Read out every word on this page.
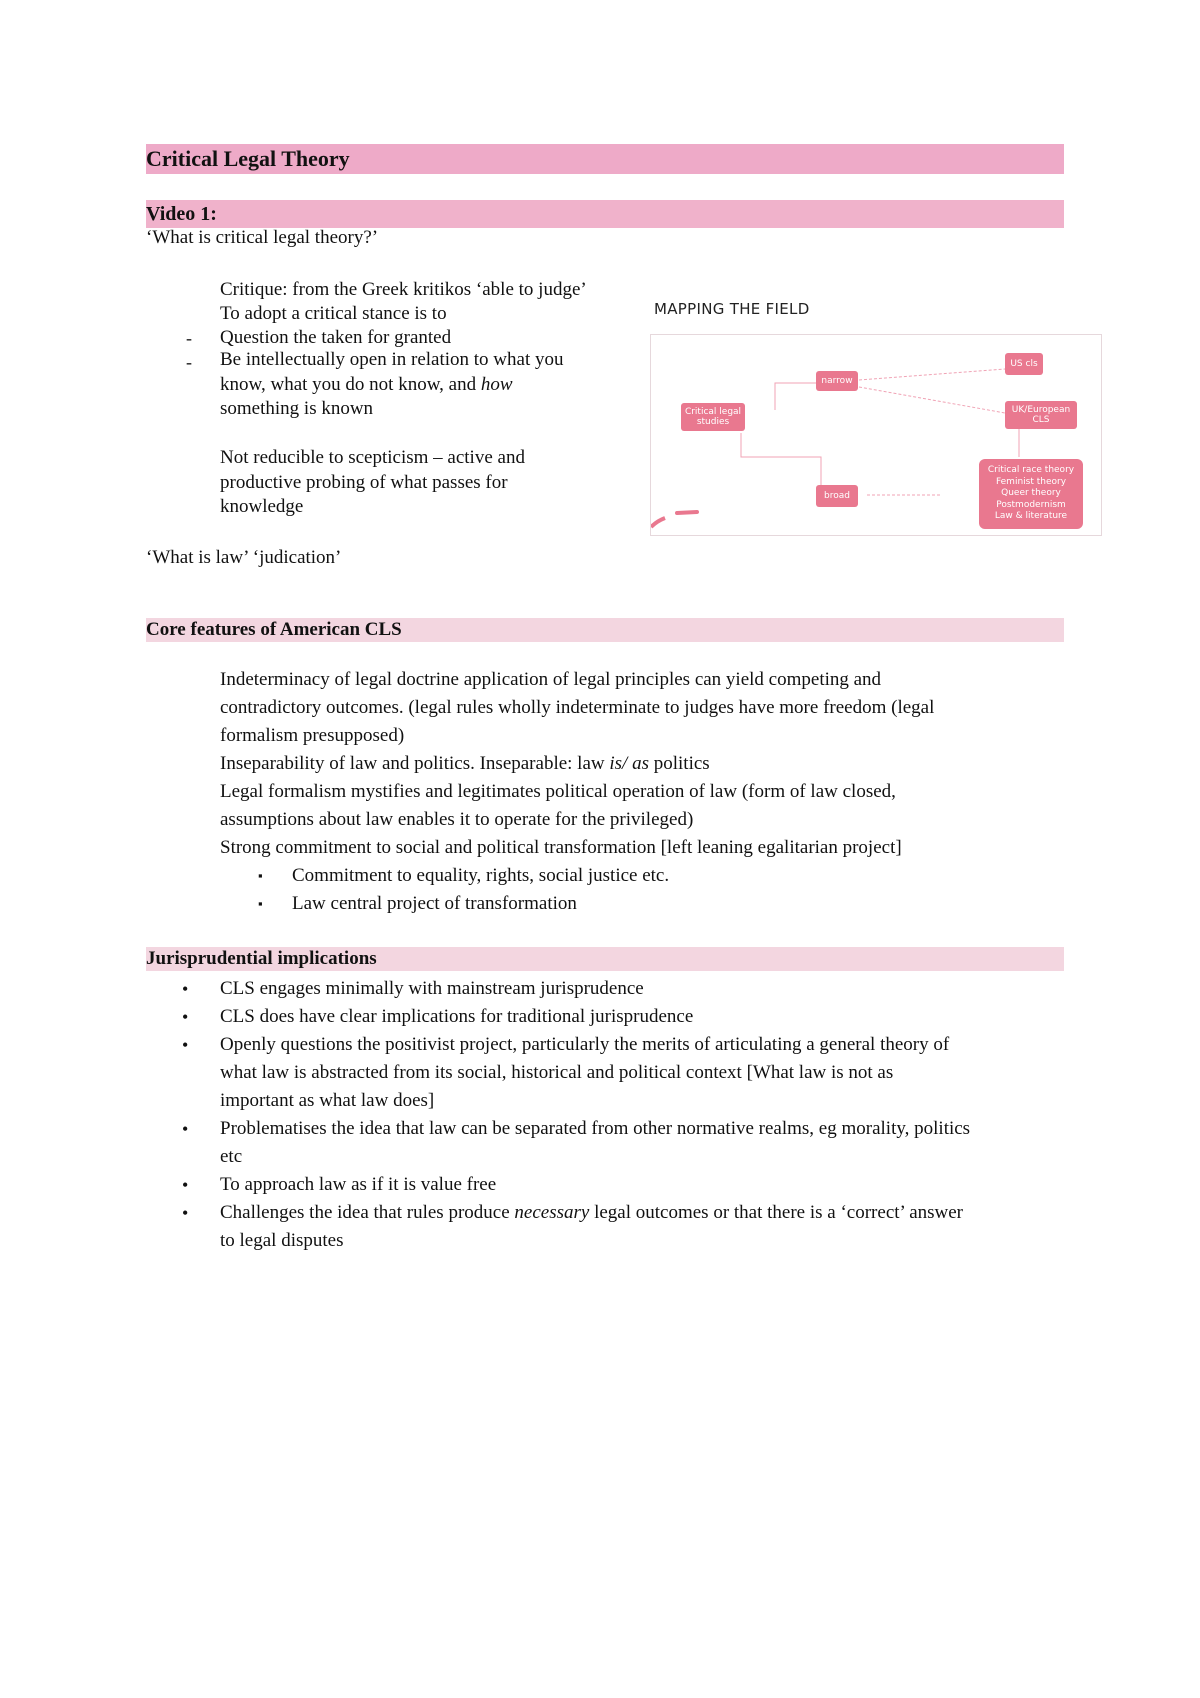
Critical Legal Theory
Video 1:
‘What is critical legal theory?’
Critique: from the Greek kritikos ‘able to judge’
To adopt a critical stance is to
-	Question the taken for granted
-	Be intellectually open in relation to what you
know, what you do not know, and how
something is known
Not reducible to scepticism – active and
productive probing of what passes for
knowledge
‘What is law’ ‘judication’
MAPPING THE FIELD
Critical legal studies
narrow
broad
US cls
UK/European CLS
Critical race theory
Feminist theory
Queer theory
Postmodernism
Law & literature
Core features of American CLS
Indeterminacy of legal doctrine application of legal principles can yield competing and
contradictory outcomes. (legal rules wholly indeterminate to judges have more freedom (legal
formalism presupposed)
Inseparability of law and politics. Inseparable: law is/ as politics
Legal formalism mystifies and legitimates political operation of law (form of law closed,
assumptions about law enables it to operate for the privileged)
Strong commitment to social and political transformation [left leaning egalitarian project]
▪	Commitment to equality, rights, social justice etc.
▪	Law central project of transformation
Jurisprudential implications
•	CLS engages minimally with mainstream jurisprudence
•	CLS does have clear implications for traditional jurisprudence
•	Openly questions the positivist project, particularly the merits of articulating a general theory of
what law is abstracted from its social, historical and political context [What law is not as
important as what law does]
•	Problematises the idea that law can be separated from other normative realms, eg morality, politics
etc
•	To approach law as if it is value free
•	Challenges the idea that rules produce necessary legal outcomes or that there is a ‘correct’ answer
to legal disputes
